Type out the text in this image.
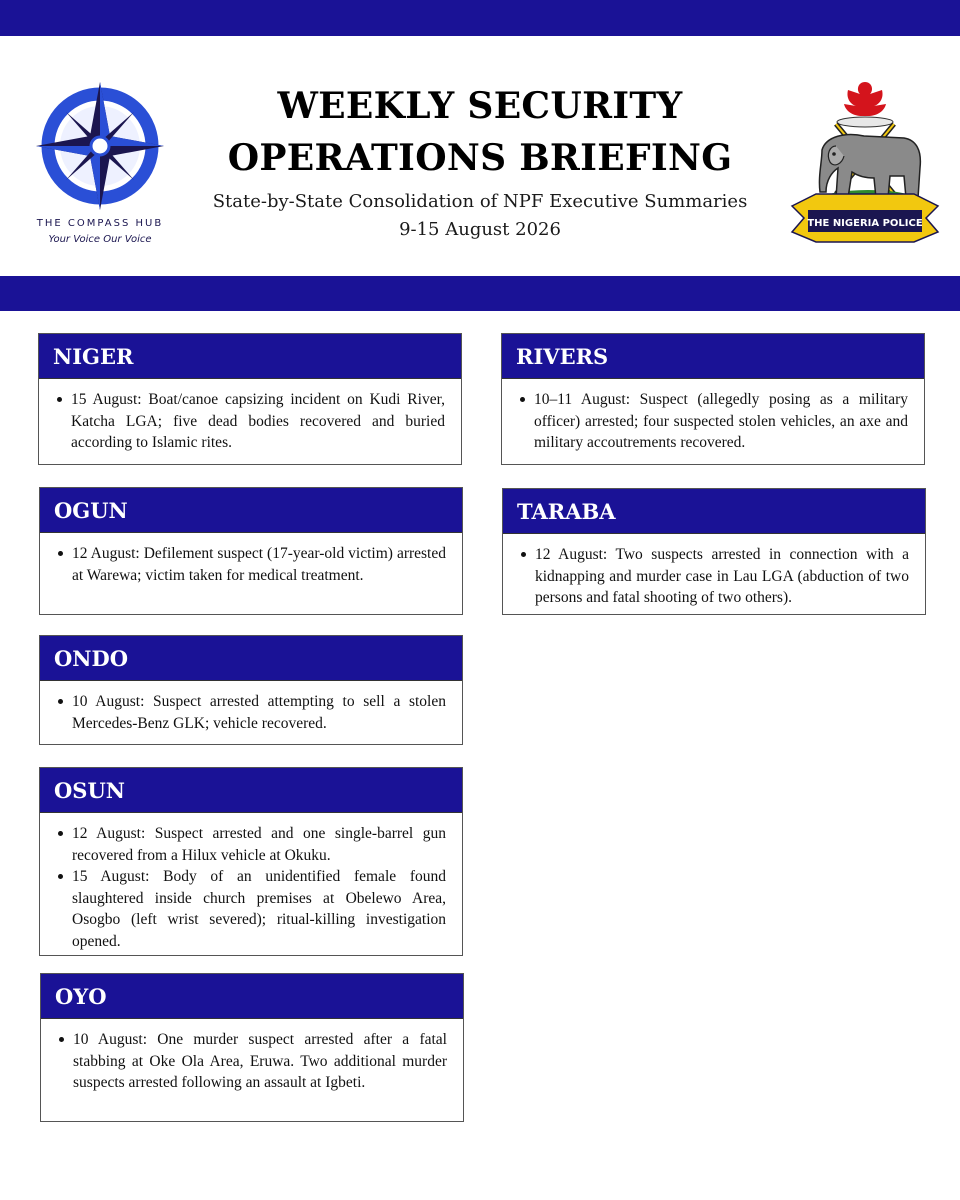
THE COMPASS HUB
Your Voice Our Voice
WEEKLY SECURITY
OPERATIONS BRIEFING
State-by-State Consolidation of NPF Executive Summaries
9-15 August 2026	THE NIGERIA POLICE
NIGER
15 August: Boat/canoe capsizing incident on Kudi River, Katcha LGA; five dead bodies recovered and buried according to Islamic rites.
OGUN
12 August: Defilement suspect (17-year-old victim) arrested at Warewa; victim taken for medical treatment.
ONDO
10 August: Suspect arrested attempting to sell a stolen Mercedes-Benz GLK; vehicle recovered.
OSUN
12 August: Suspect arrested and one single-barrel gun recovered from a Hilux vehicle at Okuku.
15 August: Body of an unidentified female found slaughtered inside church premises at Obelewo Area, Osogbo (left wrist severed); ritual-killing investigation opened.
OYO
10 August: One murder suspect arrested after a fatal stabbing at Oke Ola Area, Eruwa. Two additional murder suspects arrested following an assault at Igbeti.
RIVERS
10–11 August: Suspect (allegedly posing as a military officer) arrested; four suspected stolen vehicles, an axe and military accoutrements recovered.
TARABA
12 August: Two suspects arrested in connection with a kidnapping and murder case in Lau LGA (abduction of two persons and fatal shooting of two others).
